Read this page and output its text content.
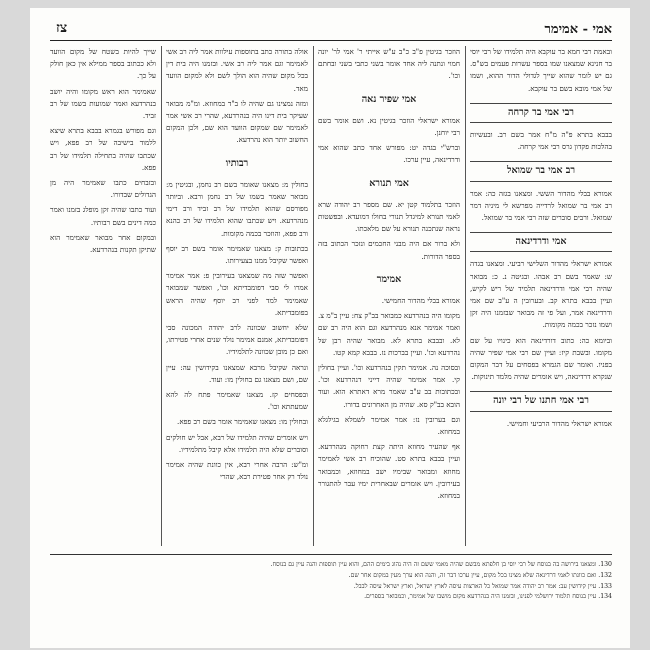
אמי - אמימר
צז

ובאמת רבי חמא בר עוקבא היה תלמידו של רבי יוסי בר חנינא שמצאנו שמו בספר עשרות פעמים בש"ס. גם יש לומר שהוא שייך לגדולי הדור ההוא, ושמו של אמי מובא בשם בר עוקבא.

רבי אמי בר קרחה

בבבא בתרא פ"ה מ"ח אמר בשם רב. ובעשיות בהלכות פקדון גרס רבי אמי קרחה.

רב אמי בר שמואל

אמורא בבלי מהדור הששי. ומצאנו בגזה כה: אמר רב אמי בר שמואל לרדייה מפרשא לי מיניה דמר שמואל. ורבים סוברים שזה רבי אמי בר שמואל.

אמי ודרדינאה

אמורא ישראלי מהדור השלישי רביעי. ומצאנו בגדה ש: שאמר בשם רב אבהו. ובגיטה נ. כ: מבואר שהיה רבי אמי ודרדינאה תלמיד של ריש לקיש, ועיין בבבא בתרא קב. ובערובין ה ע"ב שם אמי ודרדינאה אמר, ועל פי זה מבואר שבזמנו היה זקן ושמו נזכר בכמה מקומות.

וביומא כה: כתוב דורדינאה הוא כינויו על שם מקומו. ובשבת קיז: ועיין שם רבי אמי שפיר שהיה בפניו. ואומר שם הגמרא בפסחים על דבר המקום שנקרא דרדינאה, ויש אומרים שהיה מלמד תינוקות.

רבי אמי חתנו של רבי יונה

אמורא ישראלי מהדור הרביעי וחמישי.

הוזכר בגיטין פ"ב כ"ב ע"ש אייתי ר' אמי לר' יונה חמוי ונתנה ליה אחד אומר בשני כתבי בשני ובחתם וכו'.

אמי שפיר נאה

אמורא ישראלי הוזכר בגיטין נא. ושם אומר בשם רבי יוחנן.

וברש"י בגדה יט: מפורש אחד כתב שהוא אמי ודרדינאה, עיין ערכו.

אמי תנורא

הוזכר בתלמוד קטן יא. שם מספר רב יהודה שרא לאמי תנורא למיגדל תנורי בחולו דמועדא. ובפשטות נראה שנתכנה תנורא על שם מלאכתו.

ולא ברור אם היה מבני החכמים ונזכר הכתוב בזה בספר הדורות.

אמימר

אמורא בבלי מהדור החמישי.

מקומו היה בנהרדעא כמבואר בב"ק צח: עיין ב"מ צ. ואמר אמימר אנא מנהרדעא וגם הוא היה רב שם לא. ובבבא בתרא לא. מבואר שהיה רבן של נהרדעא וכו'. ועיין בברכות נז. בבבא קמא קטו.

ובסוכה נה. אמימר תקין בנהרדעא וכו'. ועיין בחולין קי. אמר אמימר שהיה דייני דנהרדעא וכו'. ובכתובות בב ע"ב שאמר מרא דאתרא הוא. ועוד הובא בב"ק סא. שהיה מן האחרונים בדורו.

וגם בערובין נז: אמר אמימר לשמלא בגילגלא במחוזא.

אף שהעיר מחוזא היתה קצת רחוקה מנהרדעא. ועיין בבבא בתרא סט. שהוכיח רב אשי לאמימר מחוזא ומבואר שבימיו ישב במחוזא, וכמבואר בעירובין. ויש אומרים שבאחרית ימיו עבר להתגורר במחוזא.

אולה בתורה כתב בתוספות עילוות אמר ליה רב אשי לאמימר וגם אמר ליה רב אשי. ובזמנו היה בית דין בכל מקום שהיה הוא הולך לשם ולא למקום הוועד מאד.

ומזה נמצינו גם שהיה לו ב"ד במחוזא. ומ"מ מבואר שעיקר בית דינו היה בנהרדעא, שהרי רב אשי אמר לאמימר שם שמקום הוועד הוא שם, ולכן המקום החשוב יותר הוא נהרדעא.

רבותיו

בחולין מ: מצאנו שאומר בשם רב נחמן, ובגיטין מ: מבואר שאמר בשמו של רב נחמן ורבא. וביותר מפורסם שהוא תלמידו של רב זביד ורב דימי מנהרדעא. ויש שכתבו שהוא תלמידו של רב כהנא ורב פפא, והוזכר בכמה מקומות.

בכתובות ק: מצאנו שאמימר אומר בשם רב יוסף ואפשר שקיבל ממנו בצעירותו.

ואפשר שזה מה שמצאנו בעירובין פ: אמר אמימר אמרו לי סבי דפומבדיתא וכו', ואפשר שמבואר שאמימר למד לפני רב יוסף שהיה הראש בפומבדיתא.

שלא יחשוב שכוונה לרב יהודה המכונה סבי דפומבדיתא, אמנם אמימר נולד שנים אחרי פטירתו, ואם כן מובן שכוונה לתלמידיו.

ונראה שקיבל מרבא שמצאנו בקידושין עה: עיין שם, ושם מצאנו גם בחולין מו: ועוד.

ובפסחים קז. מצאנו שאמימר פתח לה להא שמעתתא וכו'.

ובחולין מו: מצאנו שאמימר אומר בשם רב פפא.

ויש אומרים שהיה תלמידו של רבא, אבל יש חולקים וסוברים שלא היה תלמידו אלא קיבל מתלמידיו.

ומ"ש: הרבה אחרי רבא, אין כוונת שהיה אמימר נולד רק אחר פטירת רבא, שהרי

שייך להיות בשטח של מקום הוועד ולא ככתוב בספר ממילא אין כאן חולק על כך.

שאמימר הוא ראש מקומו והיה יושב בנהרדעא ואמר שמועות בשמו של רב זביד.

וגם מפורש בגמרא בבבא בתרא שיצא ללמוד בישיבה של רב פפא, ויש שכתבו שהיה בתחילה תלמידו של רב פפא.

ובזבחים כתבו שאמימר היה מן הגדולים שבדורו.

ועוד כתבו שהיה זקן מופלג בזמנו ואמר כמה דינים בשם רבותיו.

ובמקום אחר מבואר שאמימר הוא שתיקן תקנות בנהרדעא.

130. ומצאנו בירושה בה בנוסח של רבי יוסי בן חלפתא מבשם שהיה מאמי ששם זה היה נהוג בימים ההם, והוא עיין תוספות והנה עיין גם בנוסח.

132. ואם כוונתו לאמי דרדינאה שלא מצינו בכל מקום, עיין ערכו דבר זה, והנה הוא ערך מעין במקום אחר שם.

133. עיין קידושין עב: אמר רב יהודה אמר שמואל כל הארצות עיסה לארץ ישראל, וארץ ישראל עיסה לבבל.

134. עיין בנוסח תלמוד ירושלמי לפנינו, ובזמנו היה בנהרדעא מקום מושבו של אמימר, וכמבואר בספרים.
